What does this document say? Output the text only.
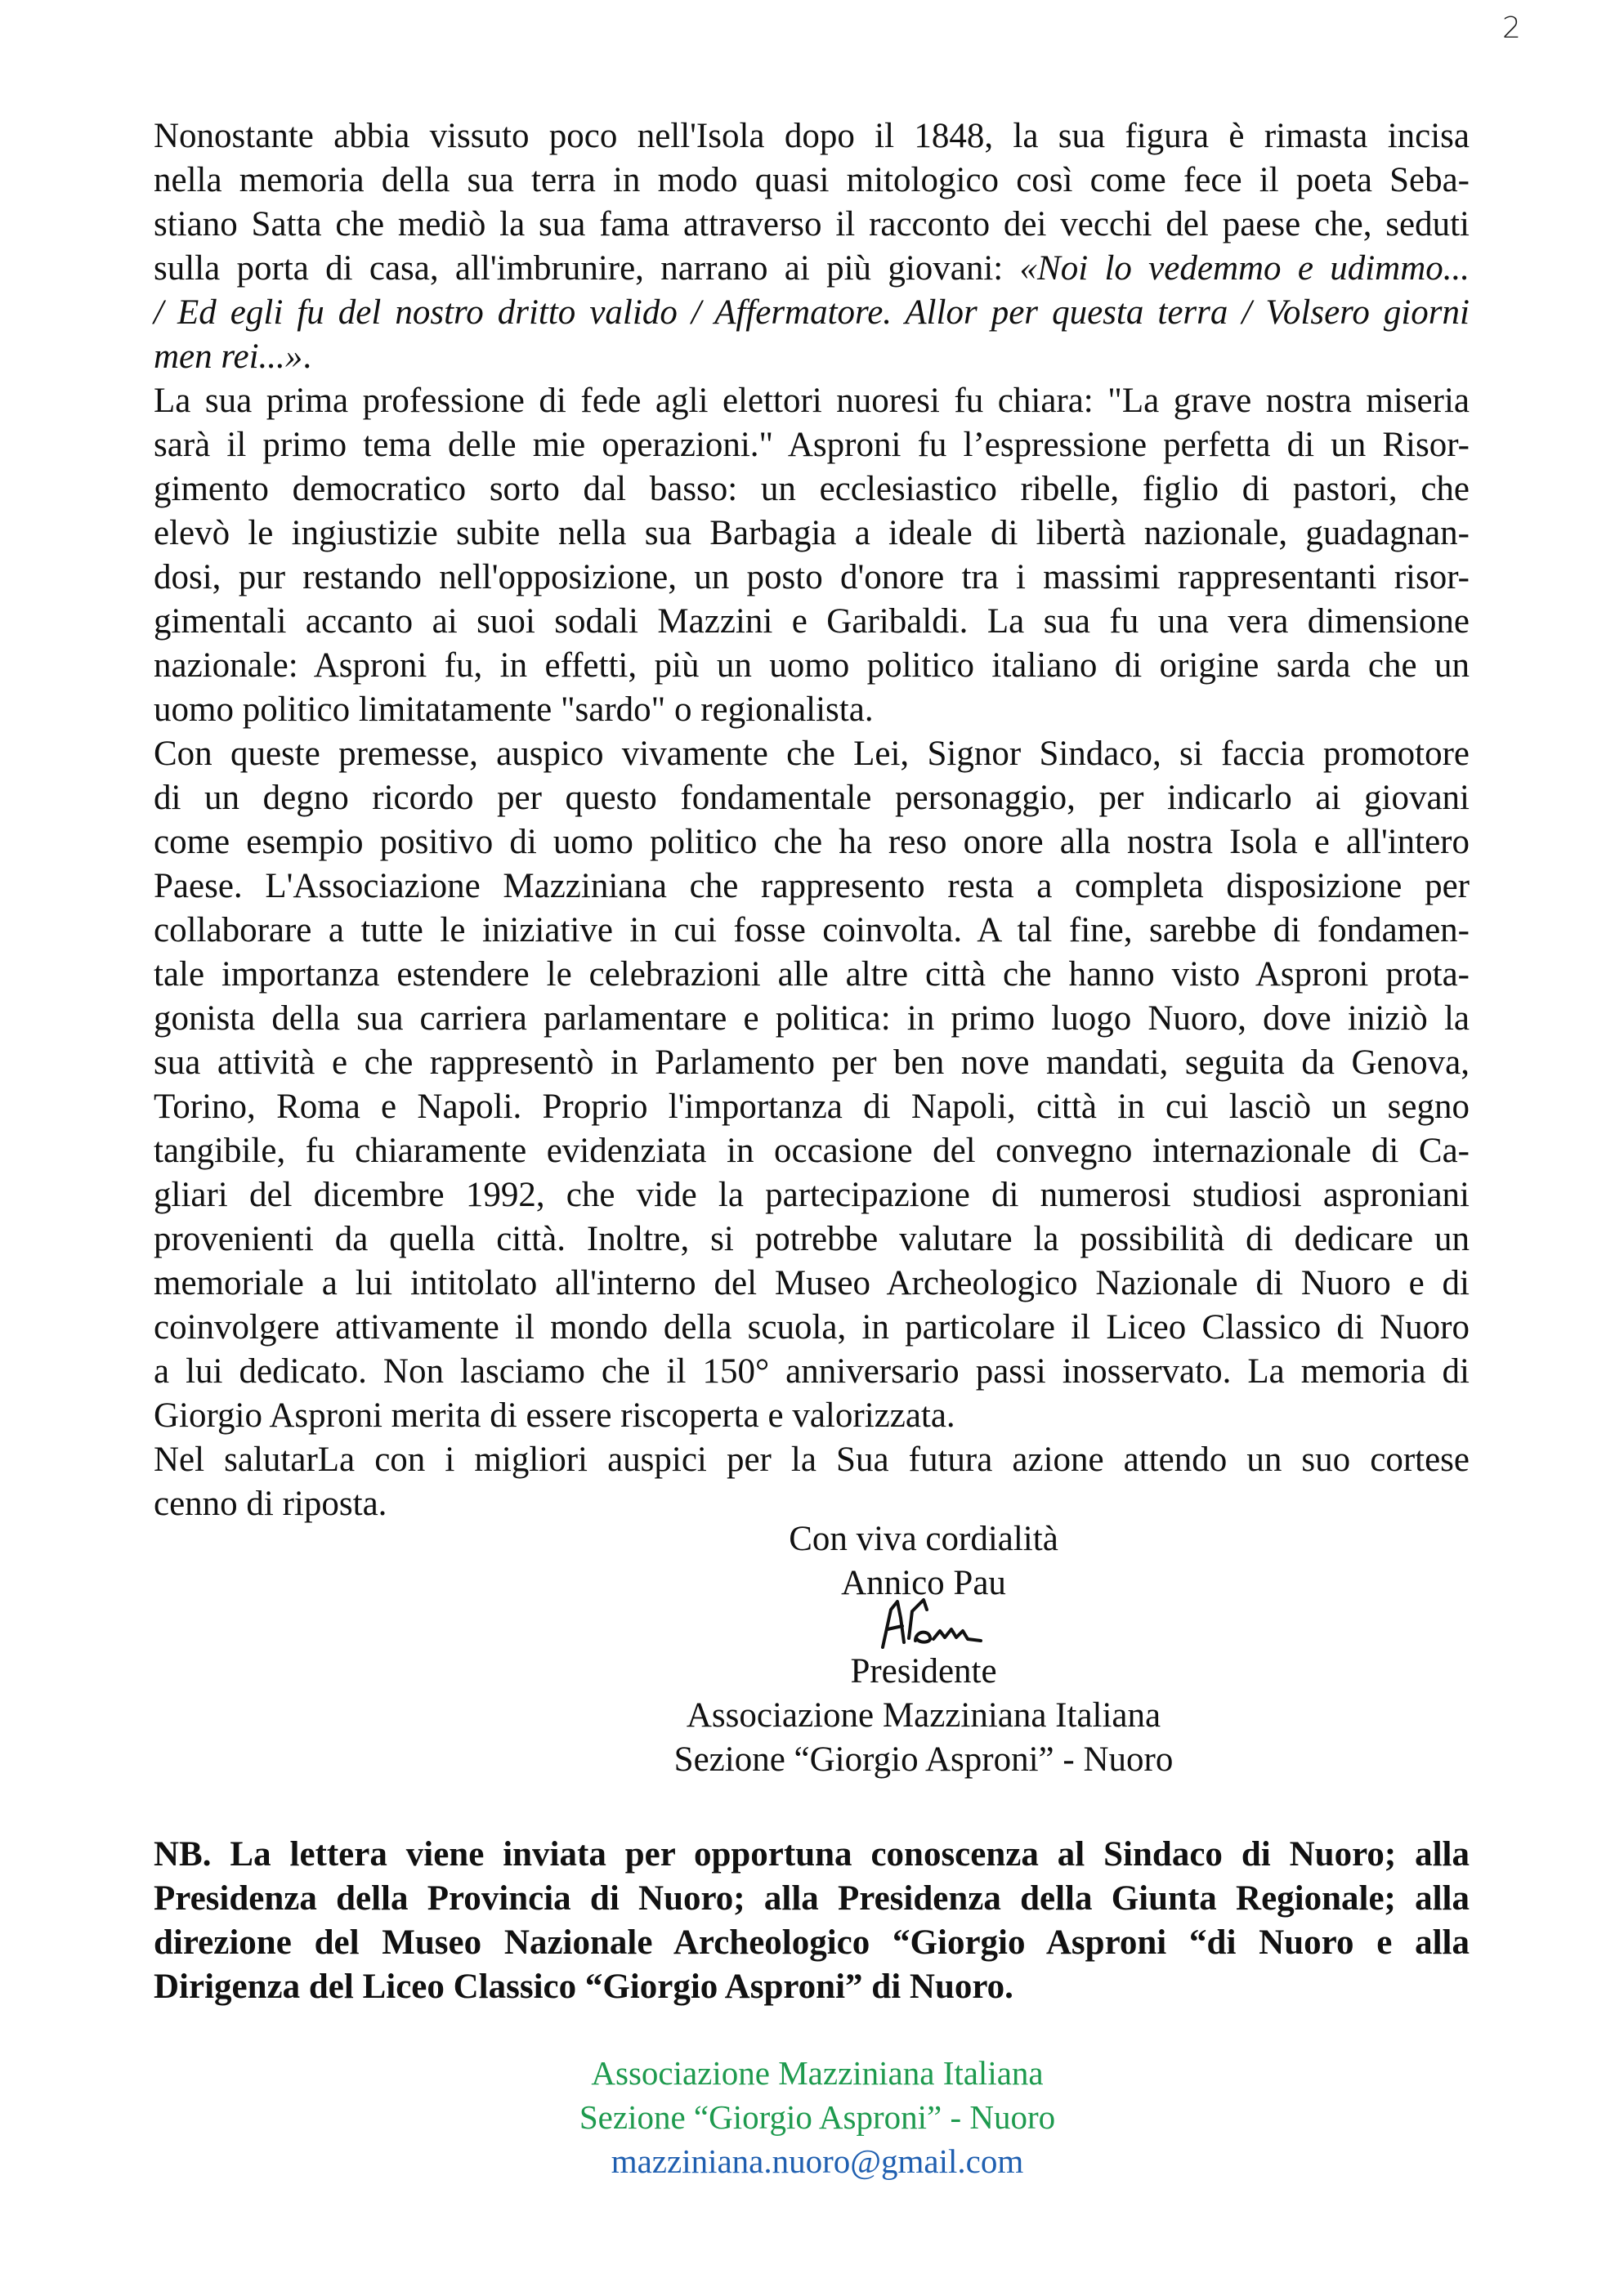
2
Nonostante abbia vissuto poco nell'Isola dopo il 1848, la sua figura è rimasta incisa
nella memoria della sua terra in modo quasi mitologico così come fece il poeta Seba-
stiano Satta che mediò la sua fama attraverso il racconto dei vecchi del paese che, seduti
sulla porta di casa, all'imbrunire, narrano ai più giovani: «Noi lo vedemmo e udimmo...
/ Ed egli fu del nostro dritto valido / Affermatore. Allor per questa terra / Volsero giorni
men rei...».
La sua prima professione di fede agli elettori nuoresi fu chiara: "La grave nostra miseria
sarà il primo tema delle mie operazioni." Asproni fu l’espressione perfetta di un Risor-
gimento democratico sorto dal basso: un ecclesiastico ribelle, figlio di pastori, che
elevò le ingiustizie subite nella sua Barbagia a ideale di libertà nazionale, guadagnan-
dosi, pur restando nell'opposizione, un posto d'onore tra i massimi rappresentanti risor-
gimentali accanto ai suoi sodali Mazzini e Garibaldi. La sua fu una vera dimensione
nazionale: Asproni fu, in effetti, più un uomo politico italiano di origine sarda che un
uomo politico limitatamente "sardo" o regionalista.
Con queste premesse, auspico vivamente che Lei, Signor Sindaco, si faccia promotore
di un degno ricordo per questo fondamentale personaggio, per indicarlo ai giovani
come esempio positivo di uomo politico che ha reso onore alla nostra Isola e all'intero
Paese. L'Associazione Mazziniana che rappresento resta a completa disposizione per
collaborare a tutte le iniziative in cui fosse coinvolta. A tal fine, sarebbe di fondamen-
tale importanza estendere le celebrazioni alle altre città che hanno visto Asproni prota-
gonista della sua carriera parlamentare e politica: in primo luogo Nuoro, dove iniziò la
sua attività e che rappresentò in Parlamento per ben nove mandati, seguita da Genova,
Torino, Roma e Napoli. Proprio l'importanza di Napoli, città in cui lasciò un segno
tangibile, fu chiaramente evidenziata in occasione del convegno internazionale di Ca-
gliari del dicembre 1992, che vide la partecipazione di numerosi studiosi asproniani
provenienti da quella città. Inoltre, si potrebbe valutare la possibilità di dedicare un
memoriale a lui intitolato all'interno del Museo Archeologico Nazionale di Nuoro e di
coinvolgere attivamente il mondo della scuola, in particolare il Liceo Classico di Nuoro
a lui dedicato. Non lasciamo che il 150° anniversario passi inosservato. La memoria di
Giorgio Asproni merita di essere riscoperta e valorizzata.
Nel salutarLa con i migliori auspici per la Sua futura azione attendo un suo cortese
cenno di riposta.
Con viva cordialità
Annico Pau
Presidente
Associazione Mazziniana Italiana
Sezione “Giorgio Asproni” - Nuoro
NB. La lettera viene inviata per opportuna conoscenza al Sindaco di Nuoro; alla
Presidenza della Provincia di Nuoro; alla Presidenza della Giunta Regionale; alla
direzione del Museo Nazionale Archeologico “Giorgio Asproni “di Nuoro e alla
Dirigenza del Liceo Classico “Giorgio Asproni” di Nuoro.
Associazione Mazziniana Italiana
Sezione “Giorgio Asproni” - Nuoro
mazziniana.nuoro@gmail.com
